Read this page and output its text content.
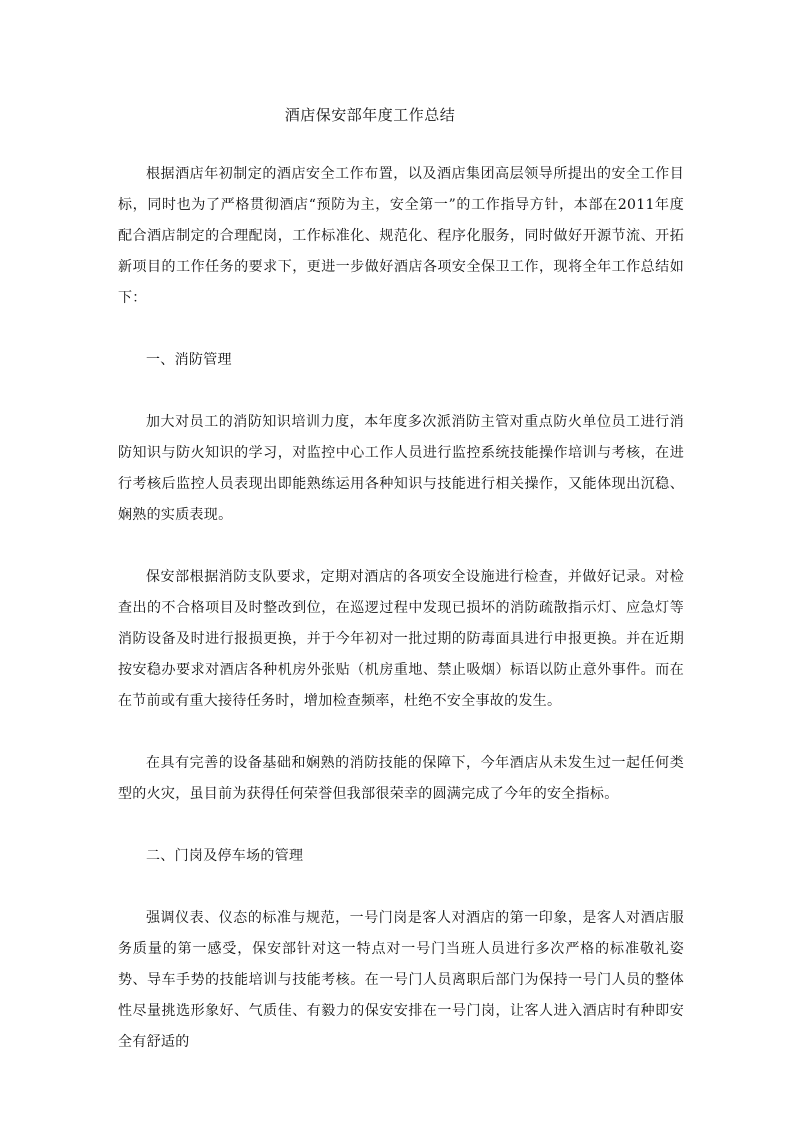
酒店保安部年度工作总结

根据酒店年初制定的酒店安全工作布置，以及酒店集团高层领导所提出的安全工作目标，同时也为了严格贯彻酒店“预防为主，安全第一”的工作指导方针，本部在2011年度配合酒店制定的合理配岗，工作标准化、规范化、程序化服务，同时做好开源节流、开拓新项目的工作任务的要求下，更进一步做好酒店各项安全保卫工作，现将全年工作总结如下：

一、消防管理

加大对员工的消防知识培训力度，本年度多次派消防主管对重点防火单位员工进行消防知识与防火知识的学习，对监控中心工作人员进行监控系统技能操作培训与考核，在进行考核后监控人员表现出即能熟练运用各种知识与技能进行相关操作，又能体现出沉稳、娴熟的实质表现。

保安部根据消防支队要求，定期对酒店的各项安全设施进行检查，并做好记录。对检查出的不合格项目及时整改到位，在巡逻过程中发现已损坏的消防疏散指示灯、应急灯等消防设备及时进行报损更换，并于今年初对一批过期的防毒面具进行申报更换。并在近期按安稳办要求对酒店各种机房外张贴（机房重地、禁止吸烟）标语以防止意外事件。而在在节前或有重大接待任务时，增加检查频率，杜绝不安全事故的发生。

在具有完善的设备基础和娴熟的消防技能的保障下，今年酒店从未发生过一起任何类型的火灾，虽目前为获得任何荣誉但我部很荣幸的圆满完成了今年的安全指标。

二、门岗及停车场的管理

强调仪表、仪态的标准与规范，一号门岗是客人对酒店的第一印象，是客人对酒店服务质量的第一感受，保安部针对这一特点对一号门当班人员进行多次严格的标准敬礼姿势、导车手势的技能培训与技能考核。在一号门人员离职后部门为保持一号门人员的整体性尽量挑选形象好、气质佳、有毅力的保安安排在一号门岗，让客人进入酒店时有种即安全有舒适的
